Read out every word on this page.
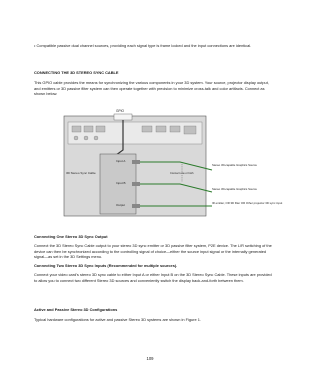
• Compatible passive dual channel sources, providing each signal type is frame locked and the input connections are identical.
CONNECTING THE 3D STEREO SYNC CABLE
This GPIO cable provides the means for synchronizing the various components in your 3D system. Your source, projector display output, and emitters or 3D passive filter system can then operate together with precision to minimize cross-talk and color artifacts. Connect as shown below.
GPIO
3D Stereo Sync Cable
Input A
Input B
Connect one or both
Output
Stereo 3D-capable Graphics Source
Stereo 3D-capable Graphics Source
IR emitter, OR 3D filter OR Other projector 3D sync input
Connecting One Stereo 3D Sync Output
Connect the 3D Stereo Sync Cable output to your stereo 3D sync emitter or 3D passive filter system, P2E device. The L/R switching of the device can then be synchronized according to the controlling signal of choice—either the source input signal or the internally generated signal—as set in the 3D Settings menu.
Connecting Two Stereo 3D Sync Inputs (Recommended for multiple sources).
Connect your video card's stereo 3D sync cable to either Input A or either Input B on the 3D Stereo Sync Cable. These inputs are provided to allow you to connect two different Stereo 3D sources and conveniently switch the display back-and-forth between them.
Active and Passive Stereo 3D Configurations
Typical hardware configurations for active and passive Stereo 3D systems are shown in Figure 1.
109
